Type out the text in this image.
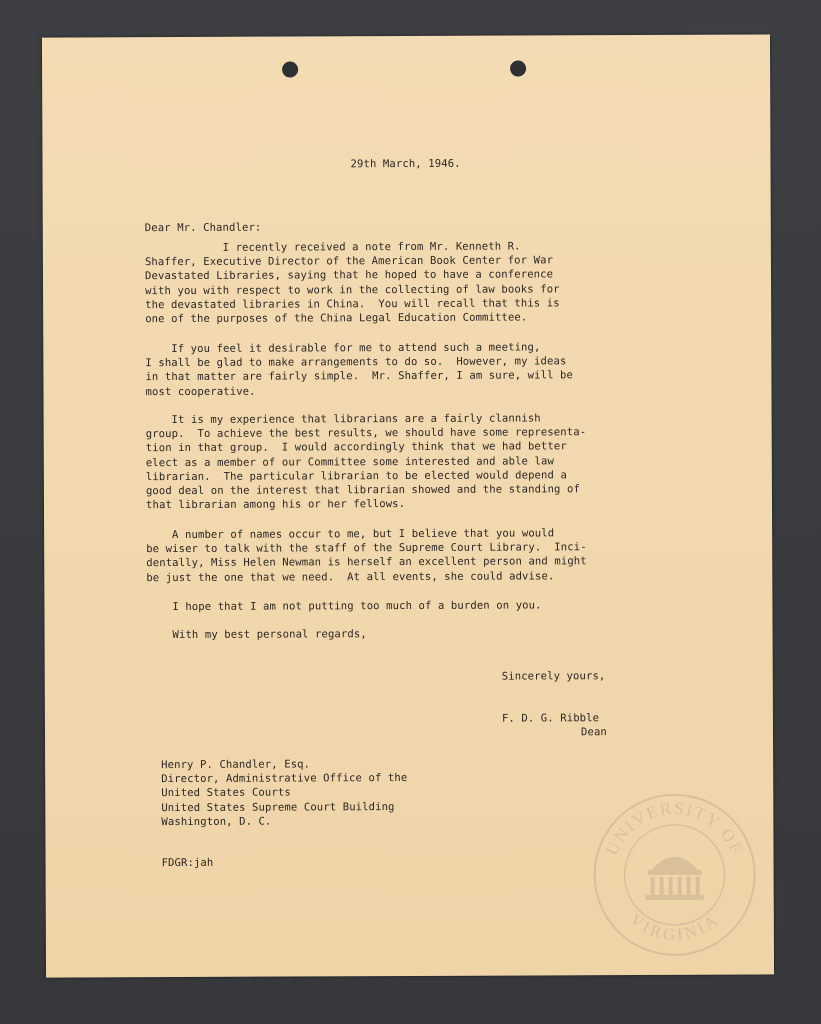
29th March, 1946.
Dear Mr. Chandler:
I recently received a note from Mr. Kenneth R.
Shaffer, Executive Director of the American Book Center for War
Devastated Libraries, saying that he hoped to have a conference
with you with respect to work in the collecting of law books for
the devastated libraries in China.  You will recall that this is
one of the purposes of the China Legal Education Committee.
If you feel it desirable for me to attend such a meeting,
I shall be glad to make arrangements to do so.  However, my ideas
in that matter are fairly simple.  Mr. Shaffer, I am sure, will be
most cooperative.
It is my experience that librarians are a fairly clannish
group.  To achieve the best results, we should have some representa-
tion in that group.  I would accordingly think that we had better
elect as a member of our Committee some interested and able law
librarian.  The particular librarian to be elected would depend a
good deal on the interest that librarian showed and the standing of
that librarian among his or her fellows.
A number of names occur to me, but I believe that you would
be wiser to talk with the staff of the Supreme Court Library.  Inci-
dentally, Miss Helen Newman is herself an excellent person and might
be just the one that we need.  At all events, she could advise.
I hope that I am not putting too much of a burden on you.
With my best personal regards,
Sincerely yours,
F. D. G. Ribble
Dean
Henry P. Chandler, Esq.
Director, Administrative Office of the
United States Courts
United States Supreme Court Building
Washington, D. C.
FDGR:jah
UNIVERSITY OF
VIRGINIA
